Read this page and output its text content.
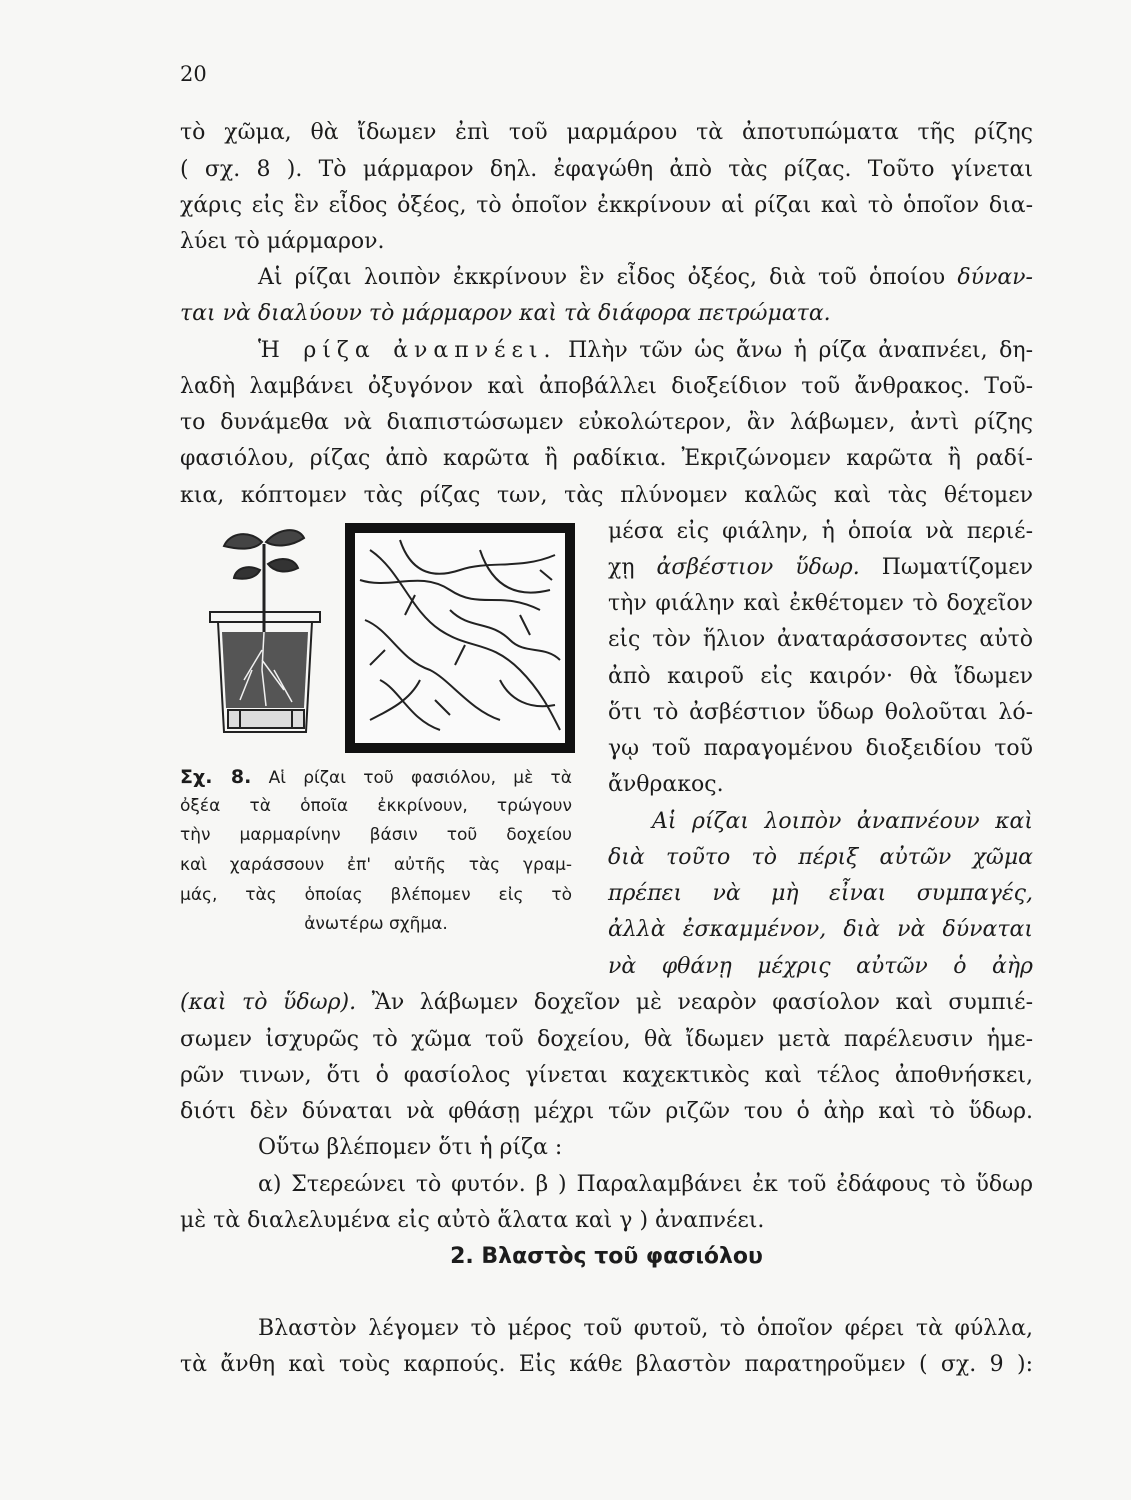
20
τὸ χῶμα, θὰ ἴδωμεν ἐπὶ τοῦ μαρμάρου τὰ ἀποτυπώματα τῆς ρίζης
( σχ. 8 ). Τὸ μάρμαρον δηλ. ἐφαγώθη ἀπὸ τὰς ρίζας. Τοῦτο γίνεται
χάρις εἰς ἓν εἶδος ὀξέος, τὸ ὁποῖον ἐκκρίνουν αἱ ρίζαι καὶ τὸ ὁποῖον δια-
λύει τὸ μάρμαρον.
Αἱ ρίζαι λοιπὸν ἐκκρίνουν ἓν εἶδος ὀξέος, διὰ τοῦ ὁποίου δύναν-
ται νὰ διαλύουν τὸ μάρμαρον καὶ τὰ διάφορα πετρώματα.
Ἡ ρίζα ἀναπνέει. Πλὴν τῶν ὡς ἄνω ἡ ρίζα ἀναπνέει, δη-
λαδὴ λαμβάνει ὀξυγόνον καὶ ἀποβάλλει διοξείδιον τοῦ ἄνθρακος. Τοῦ-
το δυνάμεθα νὰ διαπιστώσωμεν εὐκολώτερον, ἂν λάβωμεν, ἀντὶ ρίζης
φασιόλου, ρίζας ἀπὸ καρῶτα ἢ ραδίκια. Ἐκριζώνομεν καρῶτα ἢ ραδί-
κια, κόπτομεν τὰς ρίζας των, τὰς πλύνομεν καλῶς καὶ τὰς θέτομεν
μέσα εἰς φιάλην, ἡ ὁποία νὰ περιέ-
χῃ ἀσβέστιον ὕδωρ. Πωματίζομεν
τὴν φιάλην καὶ ἐκθέτομεν τὸ δοχεῖον
εἰς τὸν ἥλιον ἀναταράσσοντες αὐτὸ
ἀπὸ καιροῦ εἰς καιρόν· θὰ ἴδωμεν
ὅτι τὸ ἀσβέστιον ὕδωρ θολοῦται λό-
γῳ τοῦ παραγομένου διοξειδίου τοῦ
ἄνθρακος.
Αἱ ρίζαι λοιπὸν ἀναπνέουν καὶ
διὰ τοῦτο τὸ πέριξ αὐτῶν χῶμα
πρέπει νὰ μὴ εἶναι συμπαγές,
ἀλλὰ ἐσκαμμένον, διὰ νὰ δύναται
νὰ φθάνῃ μέχρις αὐτῶν ὁ ἀὴρ
Σχ. 8. Αἱ ρίζαι τοῦ φασιόλου, μὲ τὰ
ὀξέα τὰ ὁποῖα ἐκκρίνουν, τρώγουν
τὴν μαρμαρίνην βάσιν τοῦ δοχείου
καὶ χαράσσουν ἐπ' αὐτῆς τὰς γραμ-
μάς, τὰς ὁποίας βλέπομεν εἰς τὸ
ἀνωτέρω σχῆμα.
(καὶ τὸ ὕδωρ). Ἂν λάβωμεν δοχεῖον μὲ νεαρὸν φασίολον καὶ συμπιέ-
σωμεν ἰσχυρῶς τὸ χῶμα τοῦ δοχείου, θὰ ἴδωμεν μετὰ παρέλευσιν ἡμε-
ρῶν τινων, ὅτι ὁ φασίολος γίνεται καχεκτικὸς καὶ τέλος ἀποθνήσκει,
διότι δὲν δύναται νὰ φθάσῃ μέχρι τῶν ριζῶν του ὁ ἀὴρ καὶ τὸ ὕδωρ.
Οὕτω βλέπομεν ὅτι ἡ ρίζα :
α) Στερεώνει τὸ φυτόν. β ) Παραλαμβάνει ἐκ τοῦ ἐδάφους τὸ ὕδωρ
μὲ τὰ διαλελυμένα εἰς αὐτὸ ἅλατα καὶ γ ) ἀναπνέει.
2. Βλαστὸς τοῦ φασιόλου
Βλαστὸν λέγομεν τὸ μέρος τοῦ φυτοῦ, τὸ ὁποῖον φέρει τὰ φύλλα,
τὰ ἄνθη καὶ τοὺς καρπούς. Εἰς κάθε βλαστὸν παρατηροῦμεν ( σχ. 9 ):
